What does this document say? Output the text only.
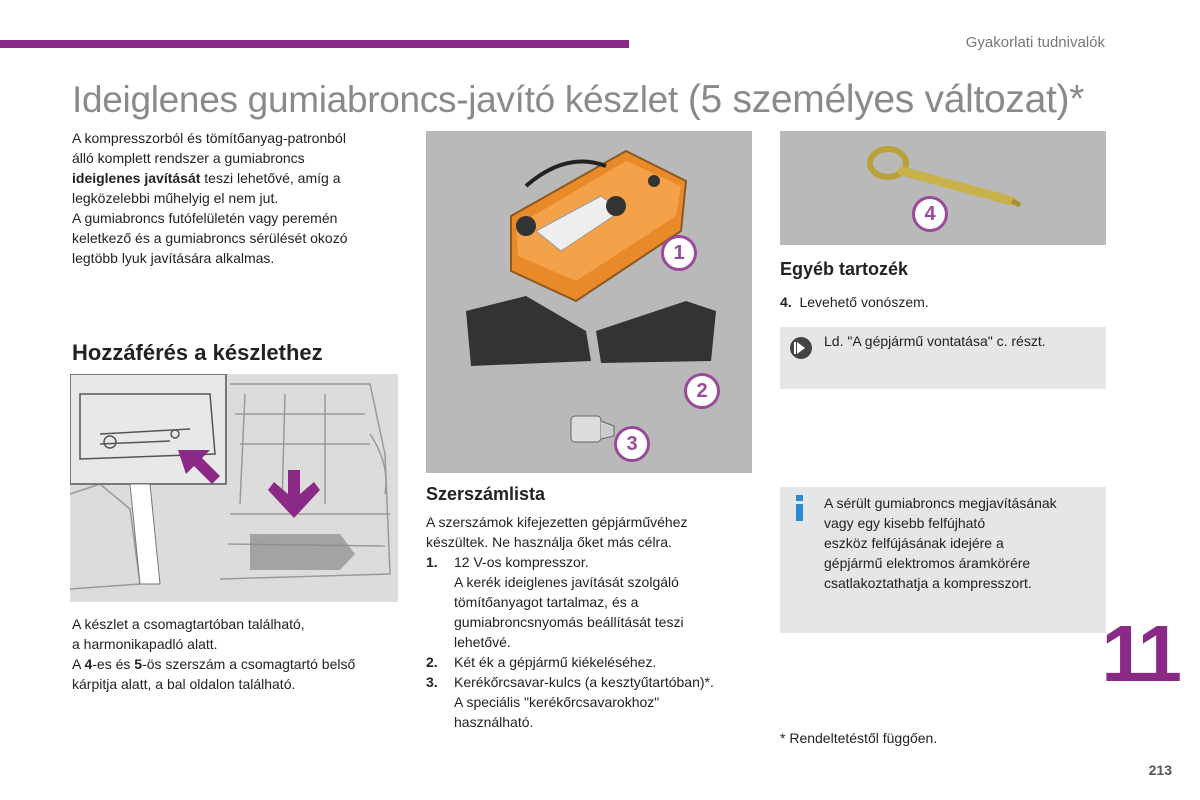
Gyakorlati tudnivalók
Ideiglenes gumiabroncs-javító készlet (5 személyes változat)*
A kompresszorból és tömítőanyag-patronból
álló komplett rendszer a gumiabroncs
ideiglenes javítását teszi lehetővé, amíg a
legközelebbi műhelyig el nem jut.
A gumiabroncs futófelületén vagy peremén
keletkező és a gumiabroncs sérülését okozó
legtöbb lyuk javítására alkalmas.
Hozzáférés a készlethez
A készlet a csomagtartóban található,
a harmonikapadló alatt.
A 4-es és 5-ös szerszám a csomagtartó belső
kárpitja alatt, a bal oldalon található.
1
2
3
Szerszámlista
A szerszámok kifejezetten gépjárművéhez
készültek. Ne használja őket más célra.
1. 12 V-os kompresszor.
A kerék ideiglenes javítását szolgáló
tömítőanyagot tartalmaz, és a
gumiabroncsnyomás beállítását teszi
lehetővé.
2. Két ék a gépjármű kiékeléséhez.
3. Kerékőrcsavar-kulcs (a kesztyűtartóban)*.
A speciális "kerékőrcsavarokhoz"
használható.
4
Egyéb tartozék
4. Levehető vonószem.
Ld. "A gépjármű vontatása" c. részt.
A sérült gumiabroncs megjavításának
vagy egy kisebb felfújható
eszköz felfújásának idejére a
gépjármű elektromos áramkörére
csatlakoztathatja a kompresszort.
11
* Rendeltetéstől függően.
213
